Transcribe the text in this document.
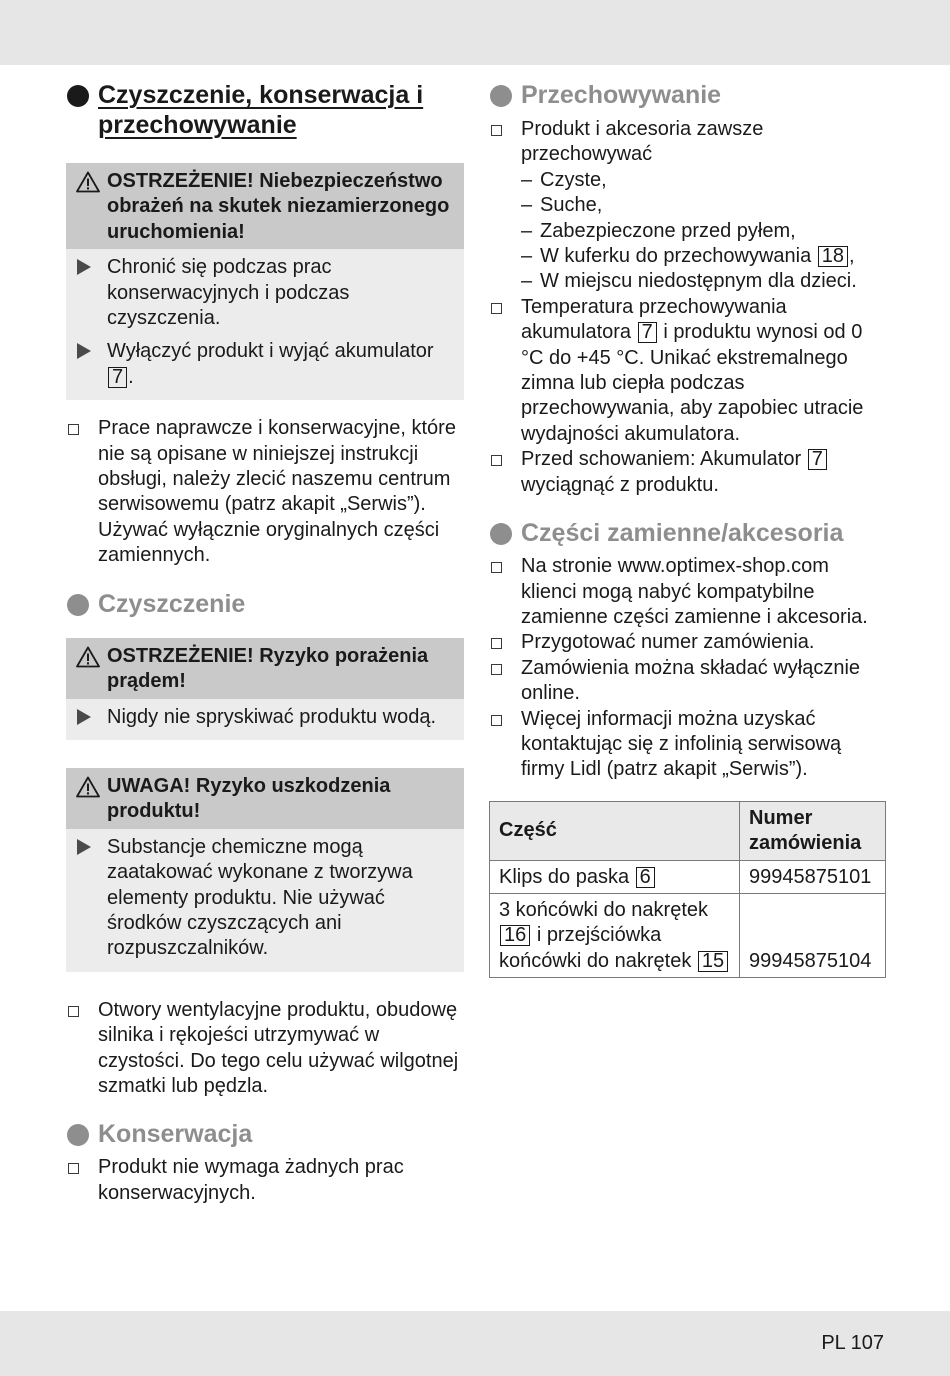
Czyszczenie, konserwacja i przechowywanie
OSTRZEŻENIE! Niebezpieczeństwo obrażeń na skutek niezamierzonego uruchomienia!
Chronić się podczas prac konserwacyjnych i podczas czyszczenia.
Wyłączyć produkt i wyjąć akumulator 7 .
Prace naprawcze i konserwacyjne, które nie są opisane w niniejszej instrukcji obsługi, należy zlecić naszemu centrum serwisowemu (patrz akapit „Serwis”). Używać wyłącznie oryginalnych części zamiennych.
Czyszczenie
OSTRZEŻENIE! Ryzyko porażenia prądem!
Nigdy nie spryskiwać produktu wodą.
UWAGA! Ryzyko uszkodzenia produktu!
Substancje chemiczne mogą zaatakować wykonane z tworzywa elementy produktu. Nie używać środków czyszczących ani rozpuszczalników.
Otwory wentylacyjne produktu, obudowę silnika i rękojeści utrzymywać w czystości. Do tego celu używać wilgotnej szmatki lub pędzla.
Konserwacja
Produkt nie wymaga żadnych prac konserwacyjnych.
Przechowywanie
Produkt i akcesoria zawsze przechowywać
– Czyste,
– Suche,
– Zabezpieczone przed pyłem,
– W kuferku do przechowywania 18 ,
– W miejscu niedostępnym dla dzieci.
Temperatura przechowywania akumulatora 7 i produktu wynosi od 0 °C do +45 °C. Unikać ekstremalnego zimna lub ciepła podczas przechowywania, aby zapobiec utracie wydajności akumulatora.
Przed schowaniem: Akumulator 7 wyciągnąć z produktu.
Części zamienne/akcesoria
Na stronie www.optimex-shop.com klienci mogą nabyć kompatybilne zamienne części zamienne i akcesoria.
Przygotować numer zamówienia.
Zamówienia można składać wyłącznie online.
Więcej informacji można uzyskać kontaktując się z infolinią serwisową firmy Lidl (patrz akapit „Serwis”).
Część	Numer zamówienia
Klips do paska 6	99945875101
3 końcówki do nakrętek 16 i przejściówka końcówki do nakrętek 15	99945875104
PL 107
